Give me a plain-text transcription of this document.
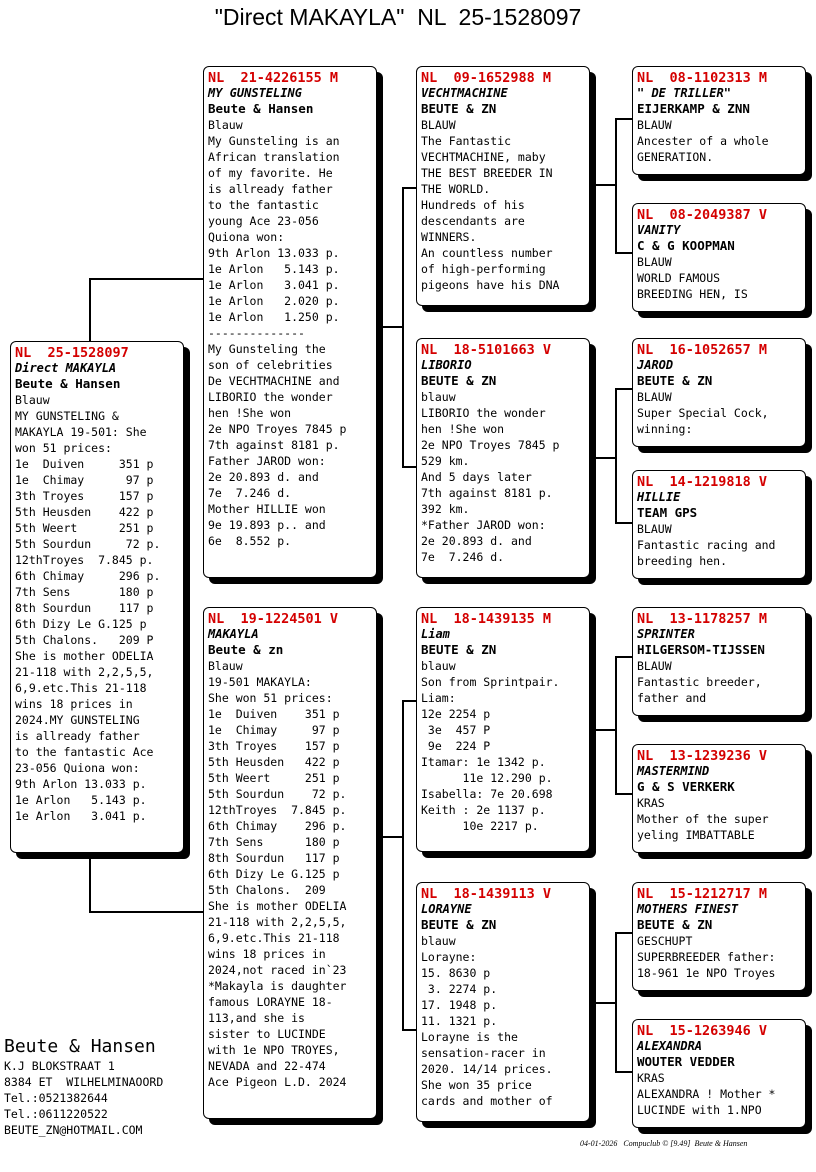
"Direct MAKAYLA"  NL  25-1528097
NL  25-1528097
Direct MAKAYLA
Beute & Hansen
Blauw
MY GUNSTELING &
MAKAYLA 19-501: She
won 51 prices:
1e  Duiven     351 p
1e  Chimay      97 p
3th Troyes     157 p
5th Heusden    422 p
5th Weert      251 p
5th Sourdun     72 p.
12thTroyes  7.845 p.
6th Chimay     296 p.
7th Sens       180 p
8th Sourdun    117 p
6th Dizy Le G.125 p
5th Chalons.   209 P
She is mother ODELIA
21-118 with 2,2,5,5,
6,9.etc.This 21-118
wins 18 prices in
2024.MY GUNSTELING
is allready father
to the fantastic Ace
23-056 Quiona won:
9th Arlon 13.033 p.
1e Arlon   5.143 p.
1e Arlon   3.041 p.
NL  21-4226155 M
MY GUNSTELING
Beute & Hansen
Blauw
My Gunsteling is an
African translation
of my favorite. He
is allready father
to the fantastic
young Ace 23-056
Quiona won:
9th Arlon 13.033 p.
1e Arlon   5.143 p.
1e Arlon   3.041 p.
1e Arlon   2.020 p.
1e Arlon   1.250 p.
--------------
My Gunsteling the
son of celebrities
De VECHTMACHINE and
LIBORIO the wonder
hen !She won
2e NPO Troyes 7845 p
7th against 8181 p.
Father JAROD won:
2e 20.893 d. and
7e  7.246 d.
Mother HILLIE won
9e 19.893 p.. and
6e  8.552 p.
NL  19-1224501 V
MAKAYLA
Beute & zn
Blauw
19-501 MAKAYLA:
She won 51 prices:
1e  Duiven    351 p
1e  Chimay     97 p
3th Troyes    157 p
5th Heusden   422 p
5th Weert     251 p
5th Sourdun    72 p.
12thTroyes  7.845 p.
6th Chimay    296 p.
7th Sens      180 p
8th Sourdun   117 p
6th Dizy Le G.125 p
5th Chalons.  209
She is mother ODELIA
21-118 with 2,2,5,5,
6,9.etc.This 21-118
wins 18 prices in
2024,not raced in`23
*Makayla is daughter
famous LORAYNE 18-
113,and she is
sister to LUCINDE
with 1e NPO TROYES,
NEVADA and 22-474
Ace Pigeon L.D. 2024
NL  09-1652988 M
VECHTMACHINE
BEUTE & ZN
BLAUW
The Fantastic
VECHTMACHINE, maby
THE BEST BREEDER IN
THE WORLD.
Hundreds of his
descendants are
WINNERS.
An countless number
of high-performing
pigeons have his DNA
NL  18-5101663 V
LIBORIO
BEUTE & ZN
blauw
LIBORIO the wonder
hen !She won
2e NPO Troyes 7845 p
529 km.
And 5 days later
7th against 8181 p.
392 km.
*Father JAROD won:
2e 20.893 d. and
7e  7.246 d.
NL  18-1439135 M
Liam
BEUTE & ZN
blauw
Son from Sprintpair.
Liam:
12e 2254 p
3e  457 P
9e  224 P
Itamar: 1e 1342 p.
11e 12.290 p.
Isabella: 7e 20.698
Keith : 2e 1137 p.
10e 2217 p.
NL  18-1439113 V
LORAYNE
BEUTE & ZN
blauw
Lorayne:
15. 8630 p
3. 2274 p.
17. 1948 p.
11. 1321 p.
Lorayne is the
sensation-racer in
2020. 14/14 prices.
She won 35 price
cards and mother of
NL  08-1102313 M
" DE TRILLER"
EIJERKAMP & ZNN
BLAUW
Ancester of a whole
GENERATION.
NL  08-2049387 V
VANITY
C & G KOOPMAN
BLAUW
WORLD FAMOUS
BREEDING HEN, IS
NL  16-1052657 M
JAROD
BEUTE & ZN
BLAUW
Super Special Cock,
winning:
NL  14-1219818 V
HILLIE
TEAM GPS
BLAUW
Fantastic racing and
breeding hen.
NL  13-1178257 M
SPRINTER
HILGERSOM-TIJSSEN
BLAUW
Fantastic breeder,
father and
NL  13-1239236 V
MASTERMIND
G & S VERKERK
KRAS
Mother of the super
yeling IMBATTABLE
NL  15-1212717 M
MOTHERS FINEST
BEUTE & ZN
GESCHUPT
SUPERBREEDER father:
18-961 1e NPO Troyes
NL  15-1263946 V
ALEXANDRA
WOUTER VEDDER
KRAS
ALEXANDRA ! Mother *
LUCINDE with 1.NPO
Beute & Hansen
K.J BLOKSTRAAT 1
8384 ET  WILHELMINAOORD
Tel.:0521382644
Tel.:0611220522
BEUTE_ZN@HOTMAIL.COM
04-01-2026   Compuclub © [9.49]  Beute & Hansen
